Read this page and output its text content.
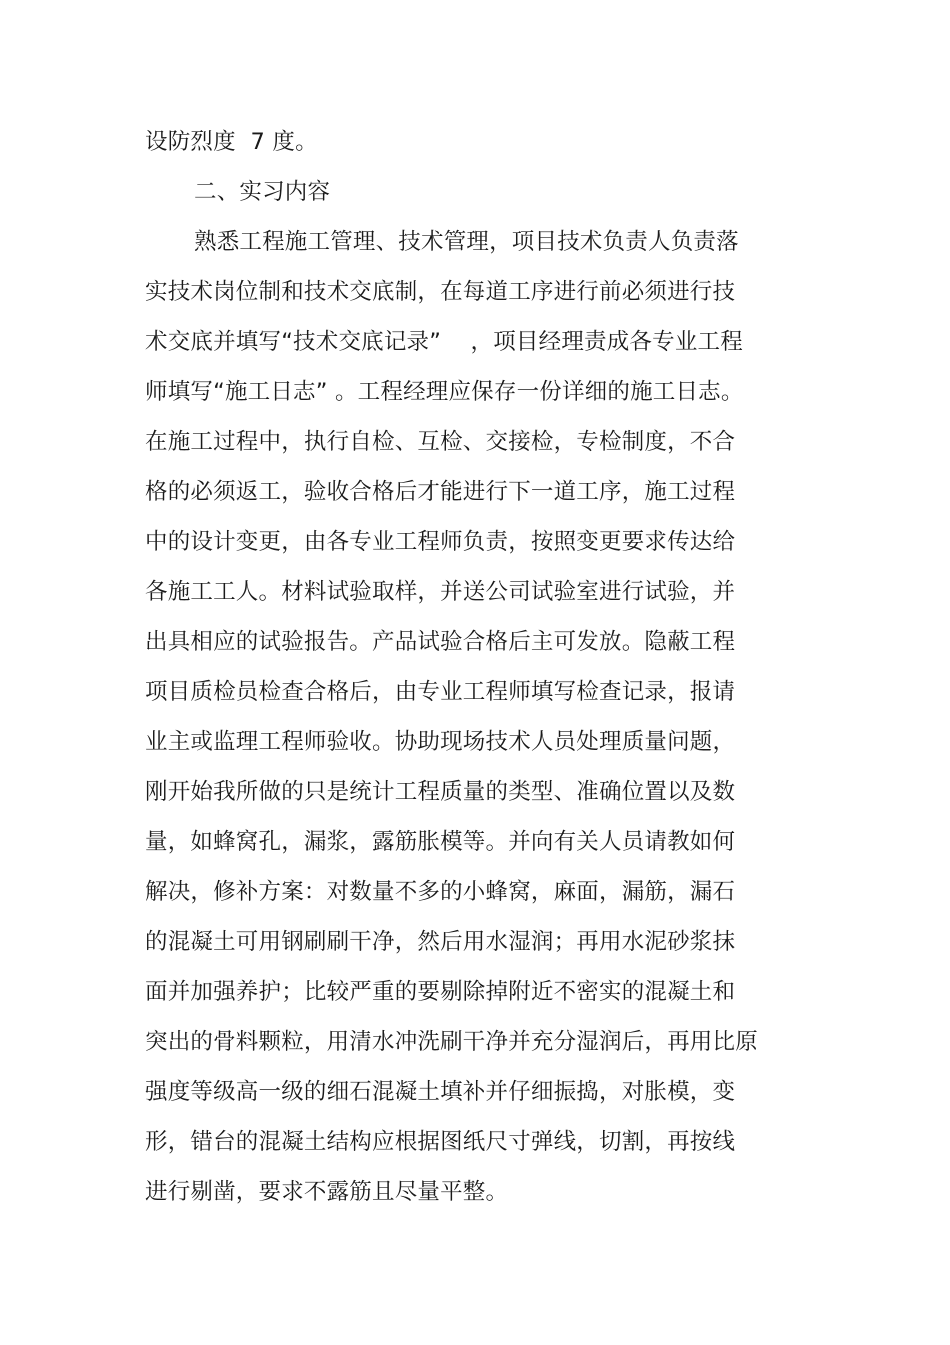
设防烈度  7 度。
二、实习内容
熟悉工程施工管理、技术管理，项目技术负责人负责落
实技术岗位制和技术交底制，在每道工序进行前必须进行技
术交底并填写“技术交底记录”    ，项目经理责成各专业工程
师填写“施工日志” 。工程经理应保存一份详细的施工日志。
在施工过程中，执行自检、互检、交接检，专检制度，不合
格的必须返工，验收合格后才能进行下一道工序，施工过程
中的设计变更，由各专业工程师负责，按照变更要求传达给
各施工工人。材料试验取样，并送公司试验室进行试验，并
出具相应的试验报告。产品试验合格后主可发放。隐蔽工程
项目质检员检查合格后，由专业工程师填写检查记录，报请
业主或监理工程师验收。协助现场技术人员处理质量问题，
刚开始我所做的只是统计工程质量的类型、准确位置以及数
量，如蜂窝孔，漏浆，露筋胀模等。并向有关人员请教如何
解决，修补方案：对数量不多的小蜂窝，麻面，漏筋，漏石
的混凝土可用钢刷刷干净，然后用水湿润；再用水泥砂浆抹
面并加强养护；比较严重的要剔除掉附近不密实的混凝土和
突出的骨料颗粒，用清水冲洗刷干净并充分湿润后，再用比原
强度等级高一级的细石混凝土填补并仔细振捣，对胀模，变
形，错台的混凝土结构应根据图纸尺寸弹线，切割，再按线
进行剔凿，要求不露筋且尽量平整。
